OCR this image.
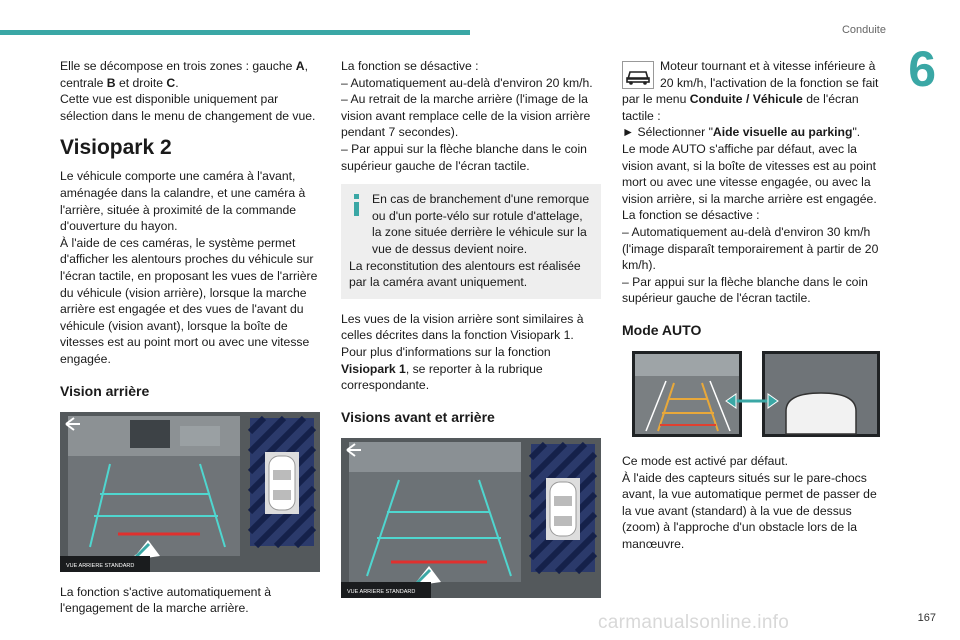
Conduite
6

Elle se décompose en trois zones : gauche A,

centrale B et droite C.

Cette vue est disponible uniquement par sélection dans le menu de changement de vue.

Visiopark 2

Le véhicule comporte une caméra à l'avant, aménagée dans la calandre, et une caméra à l'arrière, située à proximité de la commande d'ouverture du hayon.

À l'aide de ces caméras, le système permet d'afficher les alentours proches du véhicule sur l'écran tactile, en proposant les vues de l'arrière du véhicule (vision arrière), lorsque la marche arrière est engagée et des vues de l'avant du véhicule (vision avant), lorsque la boîte de vitesses est au point mort ou avec une vitesse engagée.

Vision arrière
VUE ARRIERE STANDARD

La fonction s'active automatiquement à l'engagement de la marche arrière.

La fonction se désactive :

– Automatiquement au-delà d'environ 20 km/h.

– Au retrait de la marche arrière (l'image de la vision avant remplace celle de la vision arrière pendant 7 secondes).

– Par appui sur la flèche blanche dans le coin supérieur gauche de l'écran tactile.

En cas de branchement d'une remorque ou d'un porte-vélo sur rotule d'attelage, la zone située derrière le véhicule sur la vue de dessus devient noire.

La reconstitution des alentours est réalisée par la caméra avant uniquement.

Les vues de la vision arrière sont similaires à celles décrites dans la fonction Visiopark 1.

Pour plus d'informations sur la fonction Visiopark 1, se reporter à la rubrique correspondante.

Visions avant et arrière
VUE ARRIERE STANDARD

Moteur tournant et à vitesse inférieure à 20 km/h, l'activation de la fonction se fait par le menu Conduite / Véhicule de l'écran tactile :

► Sélectionner "Aide visuelle au parking".

Le mode AUTO s'affiche par défaut, avec la vision avant, si la boîte de vitesses est au point mort ou avec une vitesse engagée, ou avec la vision arrière, si la marche arrière est engagée.

La fonction se désactive :

– Automatiquement au-delà d'environ 30 km/h (l'image disparaît temporairement à partir de 20 km/h).

– Par appui sur la flèche blanche dans le coin supérieur gauche de l'écran tactile.

Mode AUTO

Ce mode est activé par défaut.

À l'aide des capteurs situés sur le pare-chocs avant, la vue automatique permet de passer de la vue avant (standard) à la vue de dessus (zoom) à l'approche d'un obstacle lors de la manœuvre.

carmanualsonline.info	167
